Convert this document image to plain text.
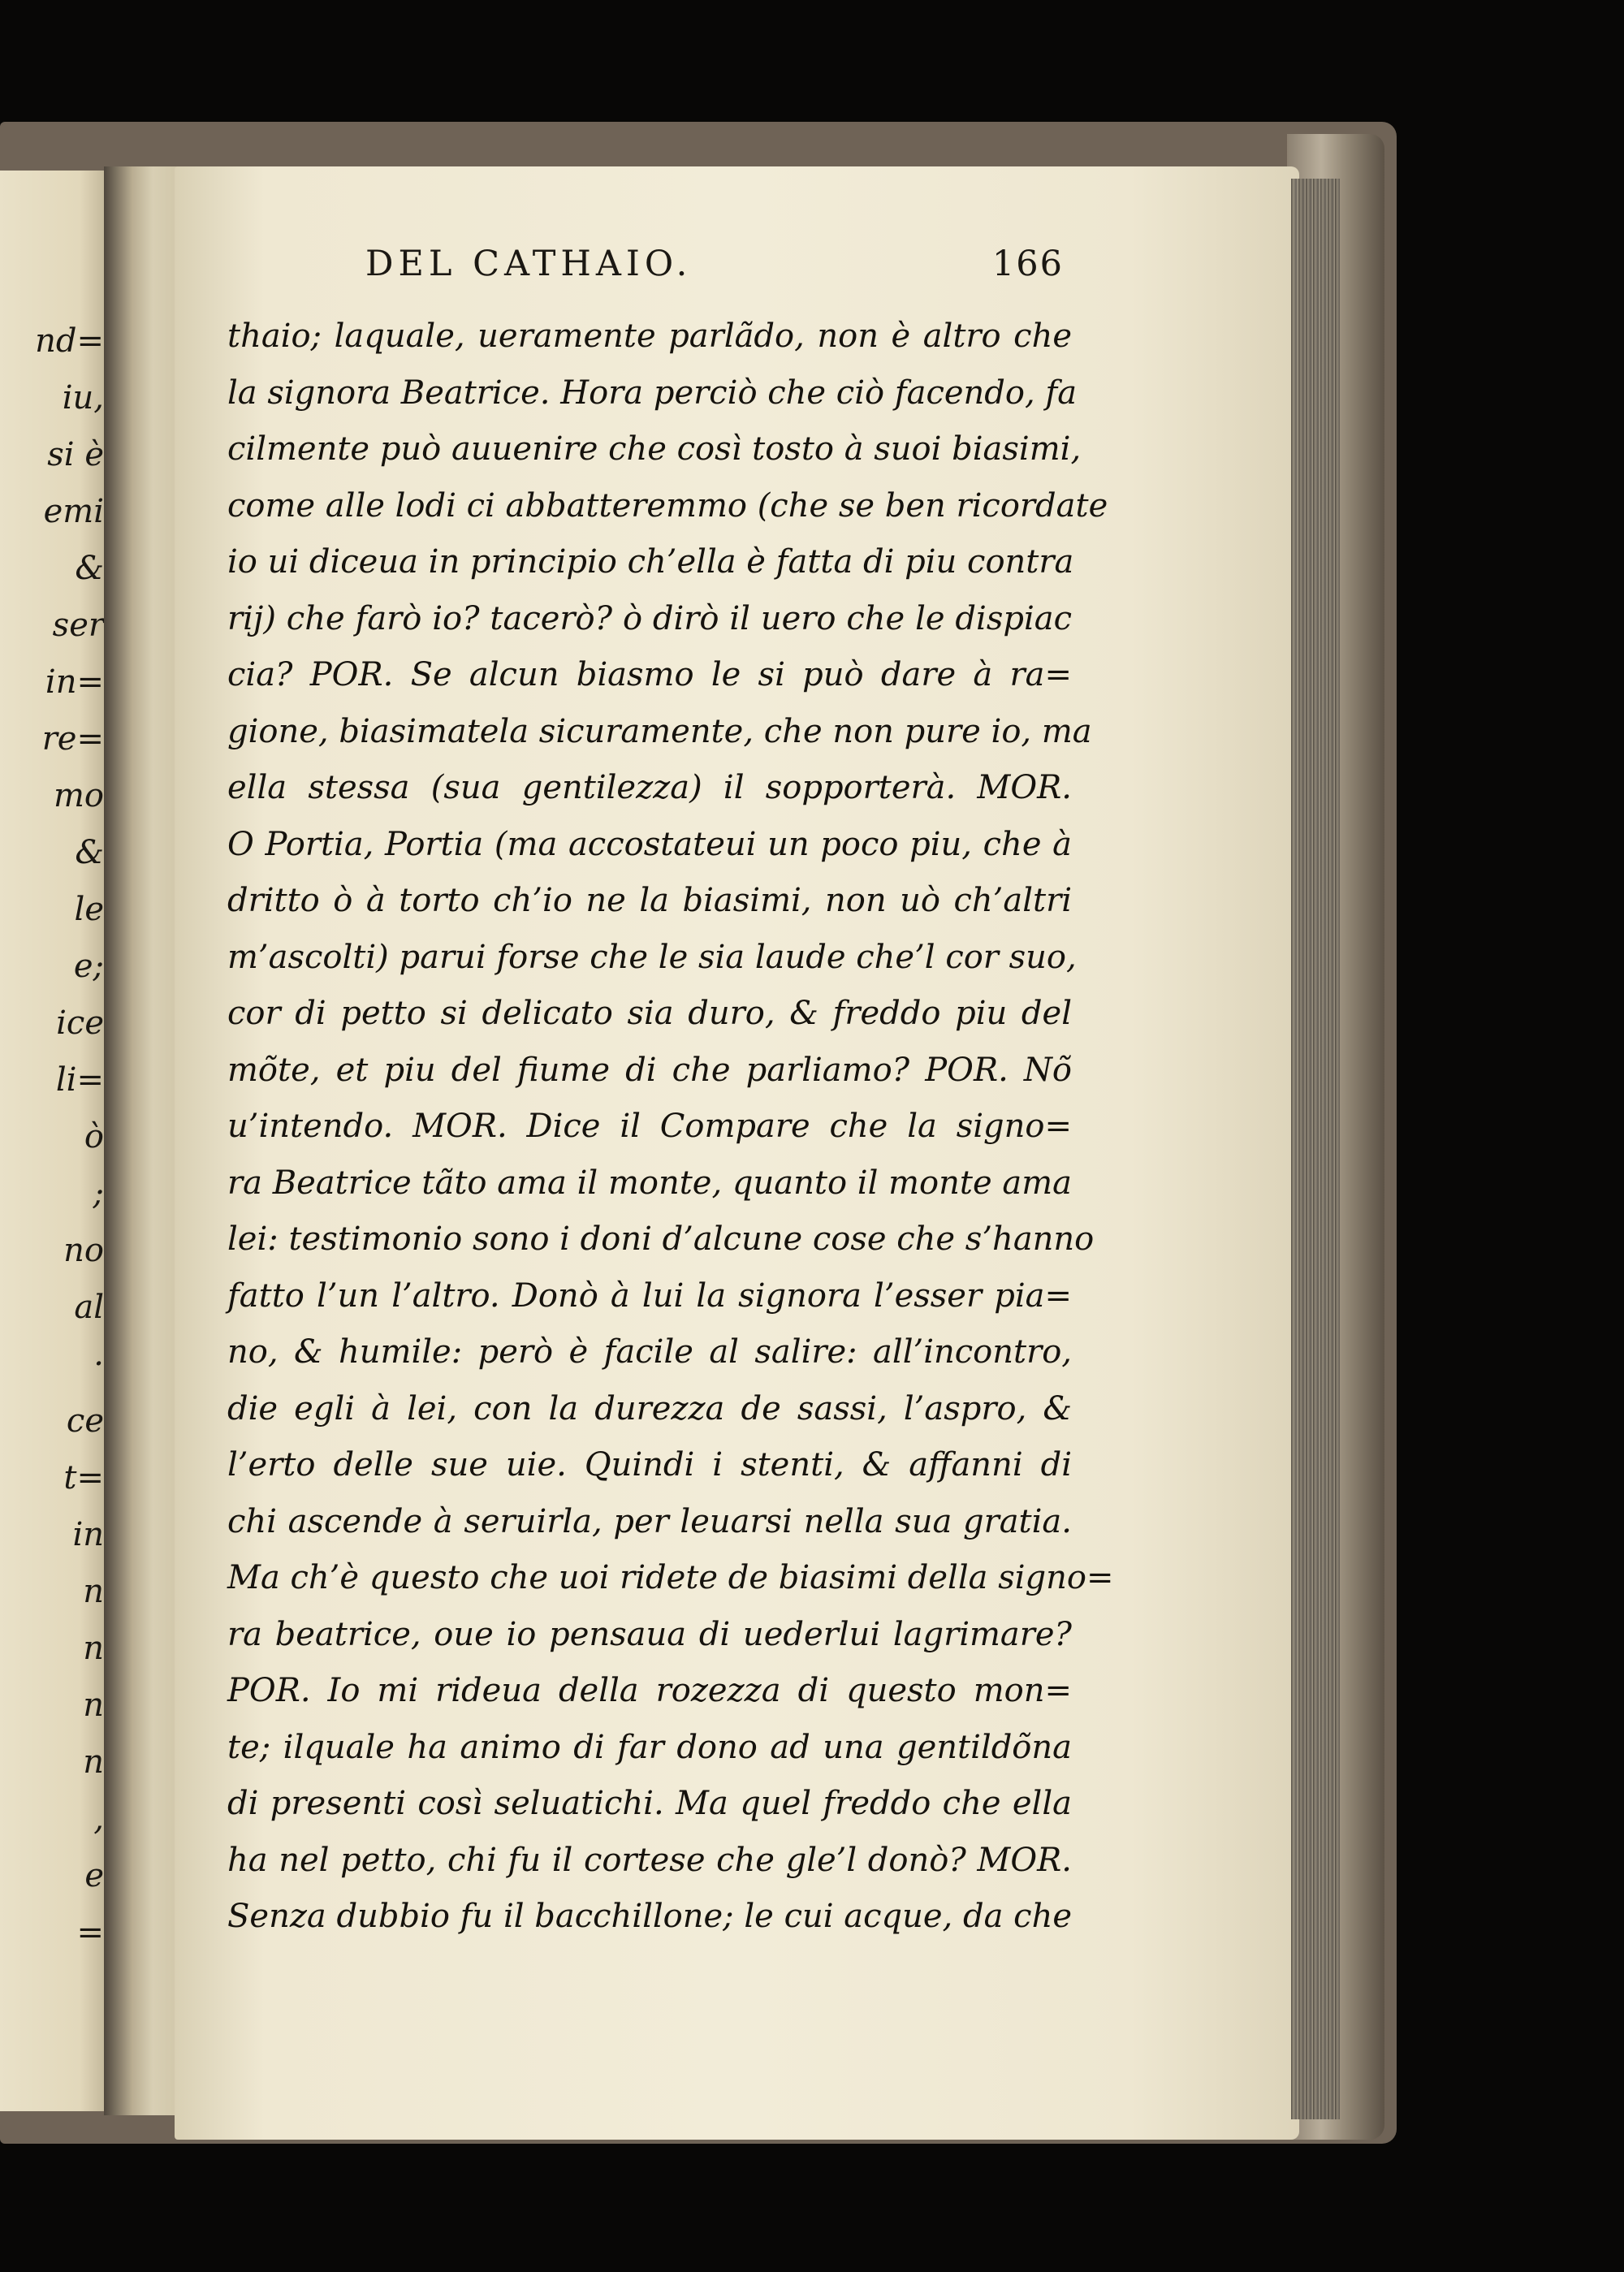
nd=
iu,
si è
emi
&
ser
in=
re=
mo
&
le
e;
ice
li=
ò
;
no
al
·
ce
t=
in
n
n
n
n
,
e
=
DEL CATHAIO.	166
thaio; laquale, ueramente parlãdo, non è altro che
la signora Beatrice. Hora perciò che ciò facendo, fa
cilmente può auuenire che così tosto à suoi biasimi,
come alle lodi ci abbatteremmo (che se ben ricordate
io ui diceua in principio ch’ella è fatta di piu contra
rij) che farò io? tacerò? ò dirò il uero che le dispiac
cia? POR. Se alcun biasmo le si può dare à ra=
gione, biasimatela sicuramente, che non pure io, ma
ella stessa (sua gentilezza) il sopporterà. MOR.
O Portia, Portia (ma accostateui un poco piu, che à
dritto ò à torto ch’io ne la biasimi, non uò ch’altri
m’ascolti) parui forse che le sia laude che’l cor suo,
cor di petto si delicato sia duro, & freddo piu del
mõte, et piu del fiume di che parliamo? POR. Nõ
u’intendo. MOR. Dice il Compare che la signo=
ra Beatrice tãto ama il monte, quanto il monte ama
lei: testimonio sono i doni d’alcune cose che s’hanno
fatto l’un l’altro. Donò à lui la signora l’esser pia=
no, & humile: però è facile al salire: all’incontro,
die egli à lei, con la durezza de sassi, l’aspro, &
l’erto delle sue uie. Quindi i stenti, & affanni di
chi ascende à seruirla, per leuarsi nella sua gratia.
Ma ch’è questo che uoi ridete de biasimi della signo=
ra beatrice, oue io pensaua di uederlui lagrimare?
POR. Io mi rideua della rozezza di questo mon=
te; ilquale ha animo di far dono ad una gentildõna
di presenti così seluatichi. Ma quel freddo che ella
ha nel petto, chi fu il cortese che gle’l donò? MOR.
Senza dubbio fu il bacchillone; le cui acque, da che
